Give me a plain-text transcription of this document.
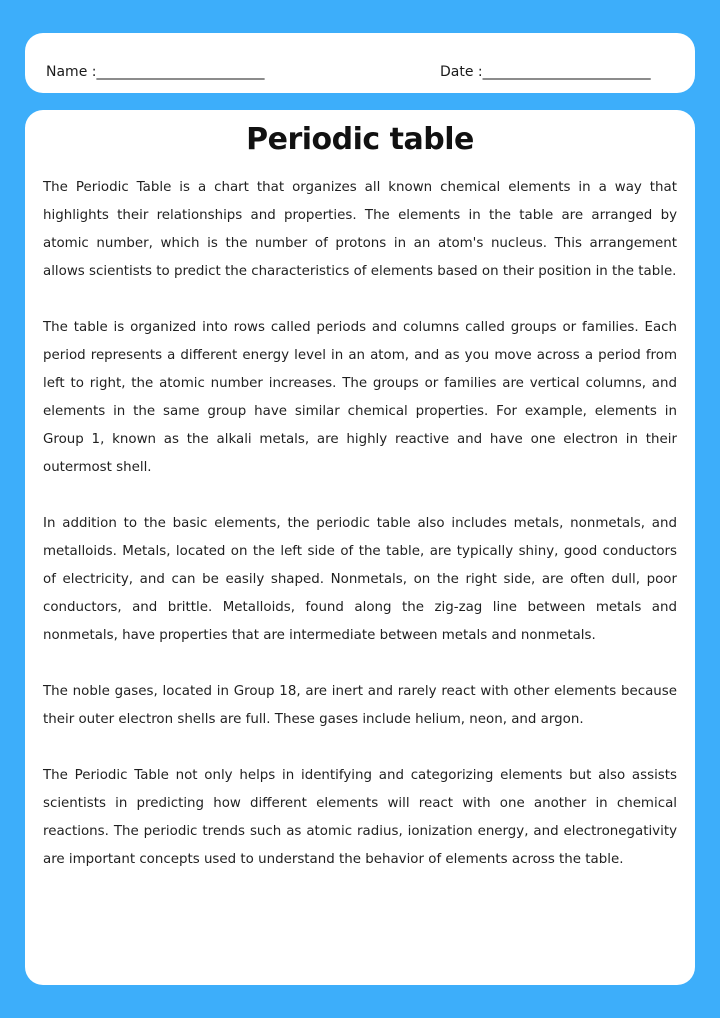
Name :________________________	Date :________________________
Periodic table

The Periodic Table is a chart that organizes all known chemical elements in a way that highlights their relationships and properties. The elements in the table are arranged by atomic number, which is the number of protons in an atom's nucleus. This arrangement allows scientists to predict the characteristics of elements based on their position in the table.

The table is organized into rows called periods and columns called groups or families. Each period represents a different energy level in an atom, and as you move across a period from left to right, the atomic number increases. The groups or families are vertical columns, and elements in the same group have similar chemical properties. For example, elements in Group 1, known as the alkali metals, are highly reactive and have one electron in their outermost shell.

In addition to the basic elements, the periodic table also includes metals, nonmetals, and metalloids. Metals, located on the left side of the table, are typically shiny, good conductors of electricity, and can be easily shaped. Nonmetals, on the right side, are often dull, poor conductors, and brittle. Metalloids, found along the zig-zag line between metals and nonmetals, have properties that are intermediate between metals and nonmetals.

The noble gases, located in Group 18, are inert and rarely react with other elements because their outer electron shells are full. These gases include helium, neon, and argon.

The Periodic Table not only helps in identifying and categorizing elements but also assists scientists in predicting how different elements will react with one another in chemical reactions. The periodic trends such as atomic radius, ionization energy, and electronegativity are important concepts used to understand the behavior of elements across the table.
